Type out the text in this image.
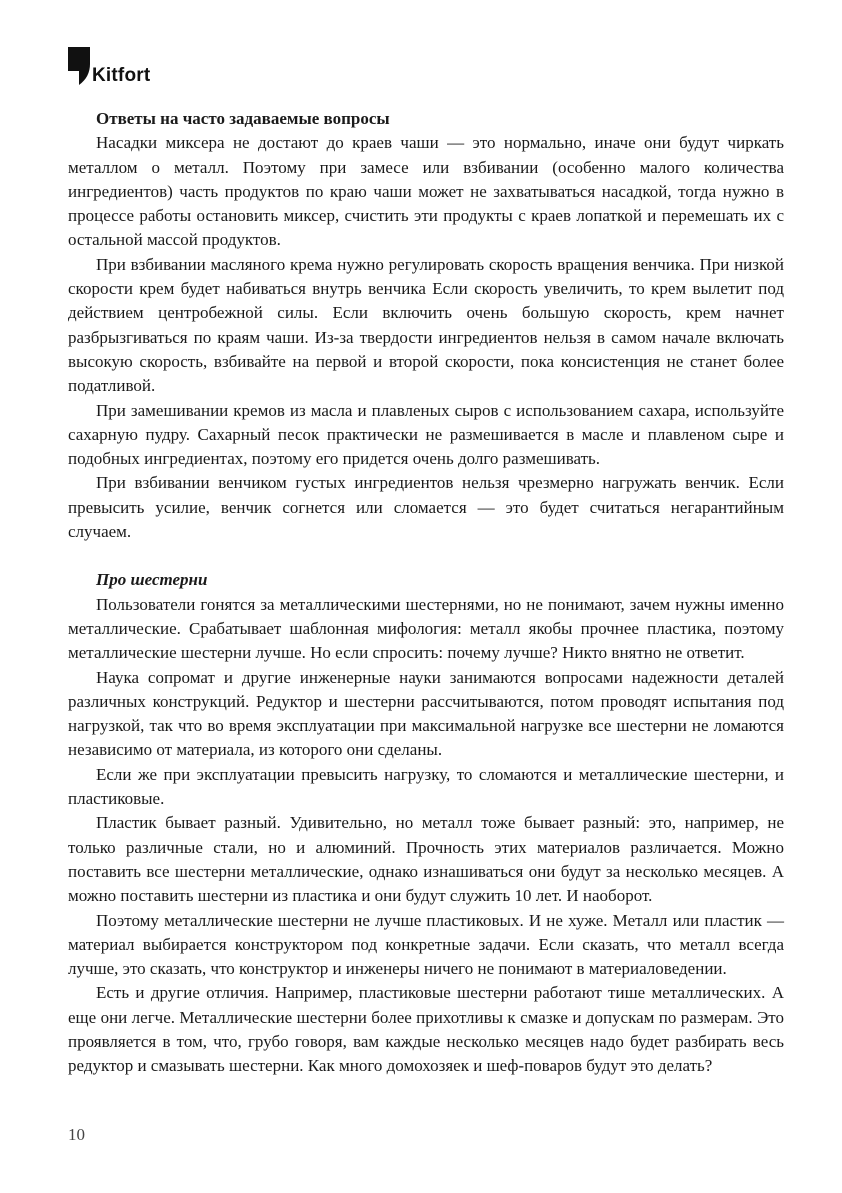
Kitfort
Ответы на часто задаваемые вопросы

Насадки миксера не достают до краев чаши — это нормально, иначе они будут чиркать металлом о металл. Поэтому при замесе или взбивании (особенно малого количества ингредиентов) часть продуктов по краю чаши может не захватываться насадкой, тогда нужно в процессе работы остановить миксер, счистить эти продукты с краев лопаткой и перемешать их с остальной массой продуктов.

При взбивании масляного крема нужно регулировать скорость вращения венчика. При низкой скорости крем будет набиваться внутрь венчика Если скорость увеличить, то крем вылетит под действием центробежной силы. Если включить очень большую скорость, крем начнет разбрызгиваться по краям чаши. Из-за твердости ингредиентов нельзя в самом начале включать высокую скорость, взбивайте на первой и второй скорости, пока консистенция не станет более податливой.

При замешивании кремов из масла и плавленых сыров с использованием сахара, используйте сахарную пудру. Сахарный песок практически не размешивается в масле и плавленом сыре и подобных ингредиентах, поэтому его придется очень долго размешивать.

При взбивании венчиком густых ингредиентов нельзя чрезмерно нагружать венчик. Если превысить усилие, венчик согнется или сломается — это будет считаться негарантийным случаем.

Про шестерни

Пользователи гонятся за металлическими шестернями, но не понимают, зачем нужны именно металлические. Срабатывает шаблонная мифология: металл якобы прочнее пластика, поэтому металлические шестерни лучше. Но если спросить: почему лучше? Никто внятно не ответит.

Наука сопромат и другие инженерные науки занимаются вопросами надежности деталей различных конструкций. Редуктор и шестерни рассчитываются, потом проводят испытания под нагрузкой, так что во время эксплуатации при максимальной нагрузке все шестерни не ломаются независимо от материала, из которого они сделаны.

Если же при эксплуатации превысить нагрузку, то сломаются и металлические шестерни, и пластиковые.

Пластик бывает разный. Удивительно, но металл тоже бывает разный: это, например, не только различные стали, но и алюминий. Прочность этих материалов различается. Можно поставить все шестерни металлические, однако изнашиваться они будут за несколько месяцев. А можно поставить шестерни из пластика и они будут служить 10 лет. И наоборот.

Поэтому металлические шестерни не лучше пластиковых. И не хуже. Металл или пластик — материал выбирается конструктором под конкретные задачи. Если сказать, что металл всегда лучше, это сказать, что конструктор и инженеры ничего не понимают в материаловедении.

Есть и другие отличия. Например, пластиковые шестерни работают тише металлических. А еще они легче. Металлические шестерни более прихотливы к смазке и допускам по размерам. Это проявляется в том, что, грубо говоря, вам каждые несколько месяцев надо будет разбирать весь редуктор и смазывать шестерни. Как много домохозяек и шеф-поваров будут это делать?

10
